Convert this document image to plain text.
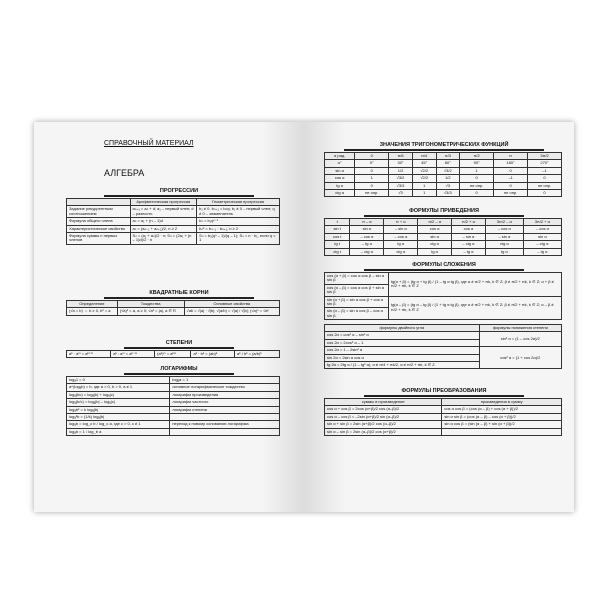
СПРАВОЧНЫЙ МАТЕРИАЛ
АЛГЕБРА
ПРОГРЕССИИ
	Арифметическая прогрессия	Геометрическая прогрессия
Задание рекуррентным соотношением	aₙ₊₁ = aₙ + d; a₁ – первый член; d – разность	b₁ ≠ 0, bₙ₊₁ = bₙq; b₁ ≠ 0 – первый член; q ≠ 0 – знаменатель
Формула общего члена	aₙ = a₁ + (n – 1)d	bₙ = b₁qⁿ⁻¹
Характеристическое свойство	aₙ = (aₙ₋₁ + aₙ₊₁)/2, n ≥ 2	bₙ² = bₙ₋₁ · bₙ₊₁, n ≥ 2
Формула суммы n первых членов	Sₙ = (a₁ + aₙ)/2 · n; Sₙ = (2a₁ + (n – 1)d)/2 · n	Sₙ = b₁(qⁿ – 1)/(q – 1); Sₙ = n · b₁, если q = 1
КВАДРАТНЫЕ КОРНИ
Определение	Тождества	Основные свойства
(√a = b) ⇔ b ≥ 0, b² = a	(√a)² = a, a ≥ 0; √a² = |a|, a ∈ R	√ab = √|a| · √|b|; √(a/b) = √|a| / √|b|; (√a)ⁿ = √aⁿ
СТЕПЕНИ
aᵏ · aᵐ = aᵏ⁺ᵐ	aᵏ : aᵐ = aᵏ⁻ᵐ	(aᵏ)ᵐ = aᵏᵐ	aᵏ · bᵏ = (ab)ᵏ	aᵏ / bᵏ = (a/b)ᵏ
ЛОГАРИФМЫ
logₐ1 = 0	logₐa = 1
a^(logₐb) = b, где a > 0, b > 0, a ≠ 1	основное логарифмическое тождество
logₐ(bc) = logₐ|b| + logₐ|c|	логарифм произведения
logₐ(b/c) = logₐ|b| – logₐ|c|	логарифм частного
logₐbᵏ = k logₐ|b|	логарифм степени
logₐᵏb = (1/k) logₐ|b|	
logₐb = log_c b / log_c a, где c > 0, c ≠ 1	переход к новому основанию логарифма
logₐb = 1 / log_b a	
ЗНАЧЕНИЯ ТРИГОНОМЕТРИЧЕСКИХ ФУНКЦИЙ
α рад.	0	π/6	π/4	π/3	π/2	π	3π/2
α°	0°	30°	45°	60°	90°	180°	270°
sin α	0	1/2	√2/2	√3/2	1	0	–1
cos α	1	√3/2	√2/2	1/2	0	–1	0
tg α	0	√3/3	1	√3	не опр.	0	не опр.
ctg α	не опр.	√3	1	√3/3	0	не опр.	0
ФОРМУЛЫ ПРИВЕДЕНИЯ
t	π – α	π + α	π/2 – α	π/2 + α	3π/2 – α	3π/2 + α
sin t	sin α	– sin α	cos α	cos α	– cos α	– cos α
cos t	– cos α	– cos α	sin α	– sin α	– sin α	sin α
tg t	– tg α	tg α	ctg α	– ctg α	ctg α	– ctg α
ctg t	– ctg α	ctg α	tg α	– tg α	tg α	– tg α
ФОРМУЛЫ СЛОЖЕНИЯ
cos (α + β) = cos α cos β – sin α sin β	tg(α + β) = (tg α + tg β) / (1 – tg α tg β), где α ≠ π/2 + πk, k ∈ Z; β ≠ π/2 + πk, k ∈ Z; α + β ≠ π/2 + πk, k ∈ Z
cos (α – β) = cos α cos β + sin α sin β	
sin (α + β) = sin α cos β + cos α sin β	tg(α – β) = (tg α – tg β) / (1 + tg α tg β), где α ≠ π/2 + πk, k ∈ Z; β ≠ π/2 + πk, k ∈ Z; α – β ≠ π/2 + πk, k ∈ Z
sin (α – β) = sin α cos β – cos α sin β	
формулы двойного угла	формулы понижения степени
cos 2α = cos² α – sin² α	sin² α = (1 – cos 2α)/2
cos 2α = 2cos² α – 1	
cos 2α = 1 – 2sin² α	cos² α = (1 + cos 2α)/2
sin 2α = 2sin α cos α	
tg 2α = 2tg α / (1 – tg² α), α ≠ π/4 + πk/2, α ≠ π/2 + πk, k ∈ Z	
ФОРМУЛЫ ПРЕОБРАЗОВАНИЯ
суммы в произведение	произведения в сумму
cos α + cos β = 2cos (α+β)/2 cos (α–β)/2	cos α cos β = (cos (α – β) + cos (α + β))/2
cos α – cos β = –2sin (α+β)/2 sin (α–β)/2	sin α sin β = (cos (α – β) – cos (α + β))/2
sin α + sin β = 2sin (α+β)/2 cos (α–β)/2	sin α cos β = (sin (α – β) + sin (α + β))/2
sin α – sin β = 2sin (α–β)/2 cos (α+β)/2	
